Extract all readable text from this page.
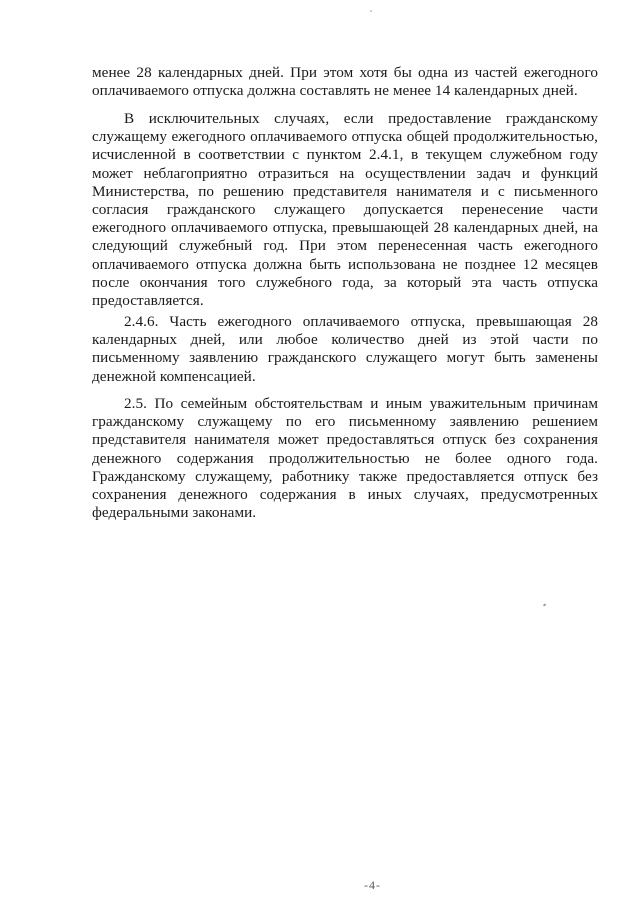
менее 28 календарных дней. При этом хотя бы одна из частей ежегодного оплачиваемого отпуска должна составлять не менее 14 календарных дней.

В исключительных случаях, если предоставление гражданскому служащему ежегодного оплачиваемого отпуска общей продолжительностью, исчисленной в соответствии с пунктом 2.4.1, в текущем служебном году может неблагоприятно отразиться на осуществлении задач и функций Министерства, по решению представителя нанимателя и с письменного согласия гражданского служащего допускается перенесение части ежегодного оплачиваемого отпуска, превышающей 28 календарных дней, на следующий служебный год. При этом перенесенная часть ежегодного оплачиваемого отпуска должна быть использована не позднее 12 месяцев после окончания того служебного года, за который эта часть отпуска предоставляется.

2.4.6. Часть ежегодного оплачиваемого отпуска, превышающая 28 календарных дней, или любое количество дней из этой части по письменному заявлению гражданского служащего могут быть заменены денежной компенсацией.

2.5. По семейным обстоятельствам и иным уважительным причинам гражданскому служащему по его письменному заявлению решением представителя нанимателя может предоставляться отпуск без сохранения денежного содержания продолжительностью не более одного года. Гражданскому служащему, работнику также предоставляется отпуск без сохранения денежного содержания в иных случаях, предусмотренных федеральными законами.

-4-
